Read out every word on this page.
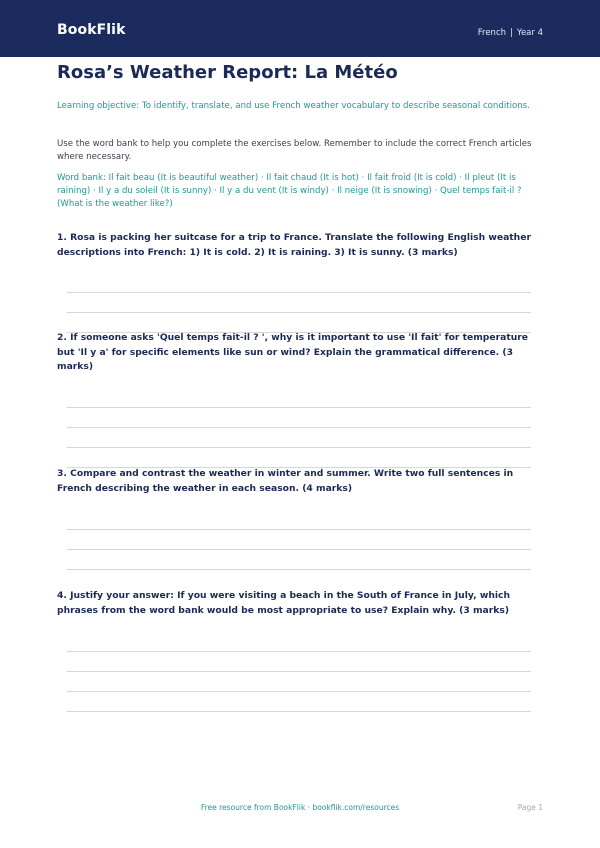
BookFlik	French | Year 4
Rosa’s Weather Report: La Météo

Learning objective: To identify, translate, and use French weather vocabulary to describe seasonal conditions.

Use the word bank to help you complete the exercises below. Remember to include the correct French articles where necessary.

Word bank: Il fait beau (It is beautiful weather) · Il fait chaud (It is hot) · Il fait froid (It is cold) · Il pleut (It is raining) · Il y a du soleil (It is sunny) · Il y a du vent (It is windy) · Il neige (It is snowing) · Quel temps fait-il ? (What is the weather like?)

1. Rosa is packing her suitcase for a trip to France. Translate the following English weather descriptions into French: 1) It is cold. 2) It is raining. 3) It is sunny. (3 marks)

2. If someone asks 'Quel temps fait-il ? ', why is it important to use 'Il fait' for temperature but 'Il y a' for specific elements like sun or wind? Explain the grammatical difference. (3 marks)

3. Compare and contrast the weather in winter and summer. Write two full sentences in French describing the weather in each season. (4 marks)

4. Justify your answer: If you were visiting a beach in the South of France in July, which phrases from the word bank would be most appropriate to use? Explain why. (3 marks)

Free resource from BookFlik · bookflik.com/resources	Page 1
